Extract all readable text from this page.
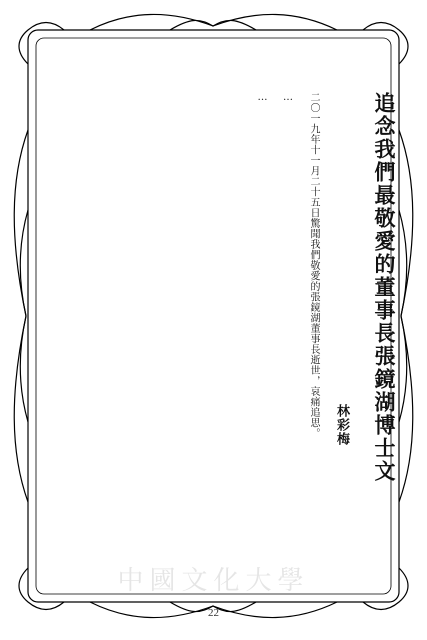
追念我們最敬愛的董事長張鏡湖博士文
林彩梅

二〇一九年十一月二十五日驚聞我們敬愛的張鏡湖董事長逝世，哀痛追思。

…

…

中國文化大學
22
